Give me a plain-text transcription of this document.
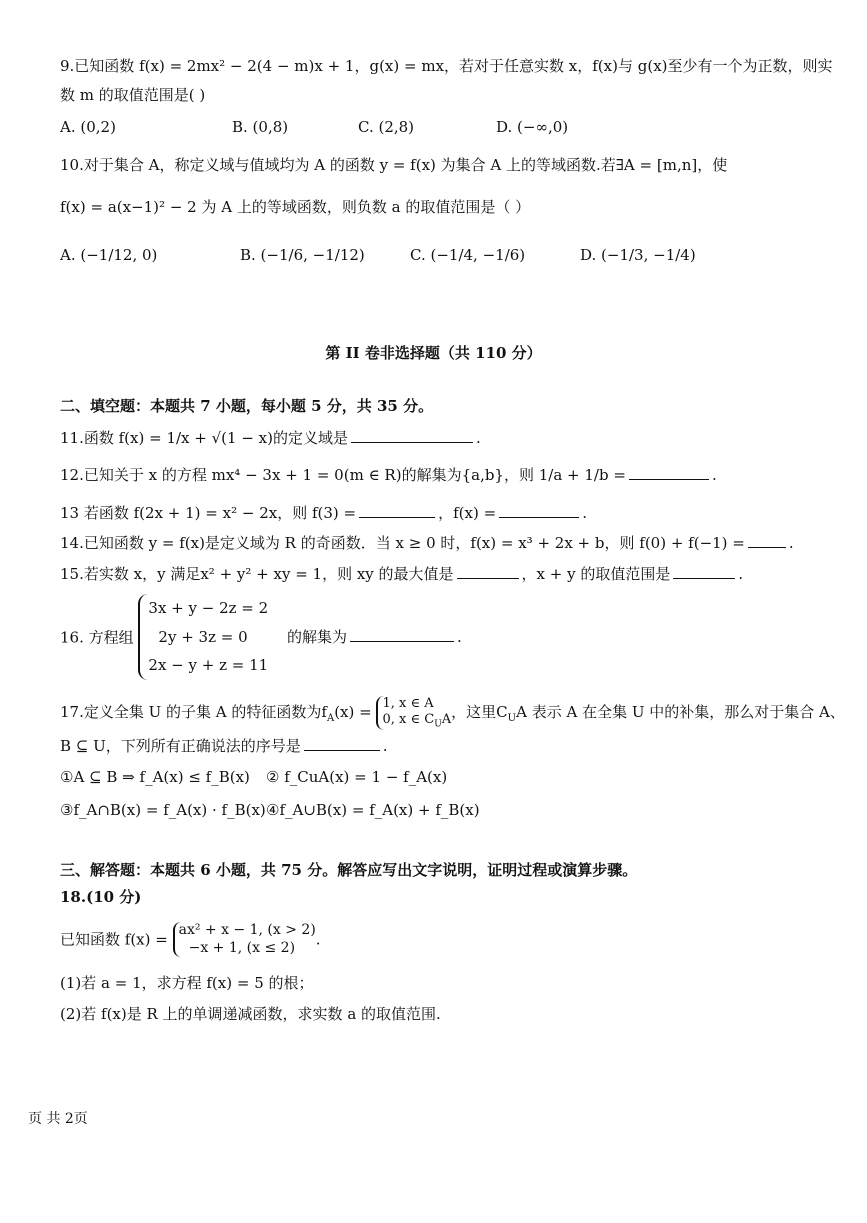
9.已知函数 f(x) = 2mx² − 2(4 − m)x + 1，g(x) = mx，若对于任意实数 x，f(x)与 g(x)至少有一个为正数，则实
数 m 的取值范围是( )
A. (0,2)	B. (0,8)	C. (2,8)	D. (−∞,0)
10.对于集合 A，称定义域与值域均为 A 的函数 y = f(x) 为集合 A 上的等域函数.若∃A = [m,n]，使
f(x) = a(x−1)² − 2 为 A 上的等域函数，则负数 a 的取值范围是（ ）
A. (−1/12, 0)	B. (−1/6, −1/12)	C. (−1/4, −1/6)	D. (−1/3, −1/4)
第 II 卷非选择题（共 110 分）
二、填空题：本题共 7 小题，每小题 5 分，共 35 分。
11.函数 f(x) = 1/x + √(1 − x)的定义域是	.
12.已知关于 x 的方程 mx⁴ − 3x + 1 = 0(m ∈ R)的解集为{a,b}，则 1/a + 1/b =	.
13 若函数 f(2x + 1) = x² − 2x，则 f(3) =	，f(x) =	.
14.已知函数 y = f(x)是定义域为 R 的奇函数．当 x ≥ 0 时，f(x) = x³ + 2x + b，则 f(0) + f(−1) =	.
15.若实数 x，y 满足x² + y² + xy = 1，则 xy 的最大值是	，x + y 的取值范围是	.
16. 方程组 3x + y − 2z = 2
2y + 3z = 0
2x − y + z = 11 的解集为	.
17.定义全集 U 的子集 A 的特征函数为$f_A(x) = 1$, x ∈ A
0, x ∈ $C_UA$，这里$C_UA$ 表示 A 在全集 U 中的补集，那么对于集合 A、
B ⊆ U，下列所有正确说法的序号是	.
①A ⊆ B ⇒ f_A(x) ≤ f_B(x) ② f_CuA(x) = 1 − f_A(x)
③f_A∩B(x) = f_A(x) · f_B(x) ④f_A∪B(x) = f_A(x) + f_B(x)
三、解答题：本题共 6 小题，共 75 分。解答应写出文字说明，证明过程或演算步骤。
18.(10 分)
已知函数 f(x) = ax² + x − 1, (x > 2)
−x + 1, (x ≤ 2) .
(1)若 a = 1，求方程 f(x) = 5 的根；
(2)若 f(x)是 R 上的单调递减函数，求实数 a 的取值范围.
页 共 2页
